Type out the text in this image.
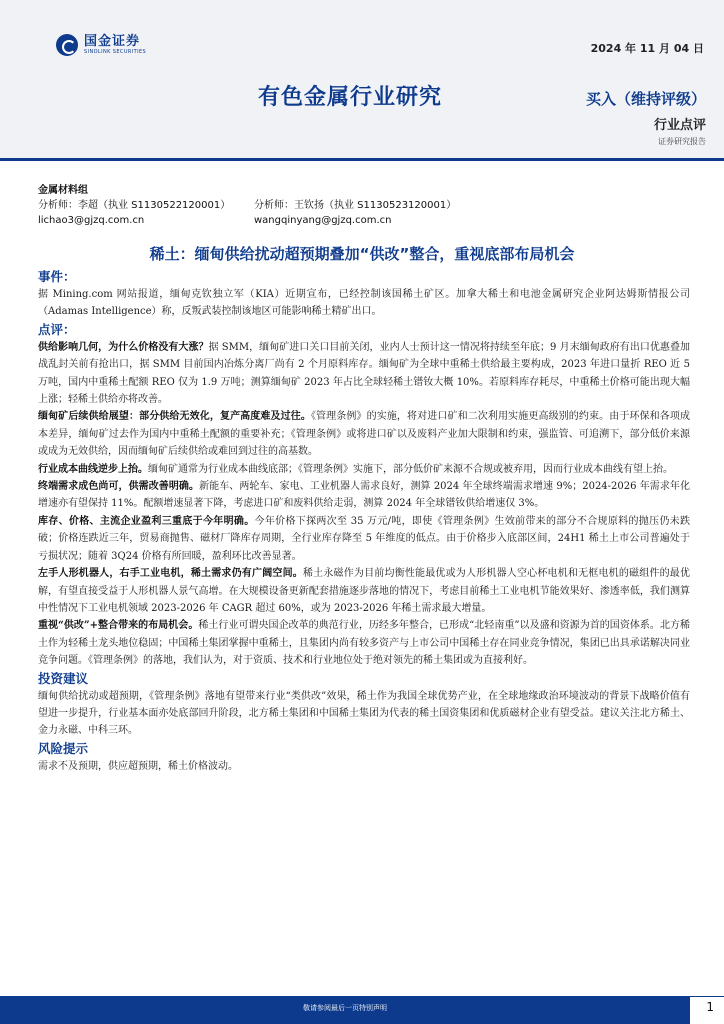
国金证券
SINOLINK SECURITIES	2024 年 11 月 04 日
有色金属行业研究	买入（维持评级）
行业点评
证券研究报告
金属材料组
分析师：李超（执业 S1130522120001）	分析师：王钦扬（执业 S1130523120001）
lichao3@gjzq.com.cn	wangqinyang@gjzq.com.cn
稀土：缅甸供给扰动超预期叠加“供改”整合，重视底部布局机会
事件：

据 Mining.com 网站报道，缅甸克钦独立军（KIA）近期宣布，已经控制该国稀土矿区。加拿大稀土和电池金属研究企业阿达姆斯情报公司（Adamas Intelligence）称，反叛武装控制该地区可能影响稀土精矿出口。

点评：

供给影响几何，为什么价格没有大涨？据 SMM，缅甸矿进口关口目前关闭，业内人士预计这一情况将持续至年底；9 月末缅甸政府有出口优惠叠加战乱封关前有抢出口，据 SMM 目前国内冶炼分离厂尚有 2 个月原料库存。缅甸矿为全球中重稀土供给最主要构成，2023 年进口量折 REO 近 5 万吨，国内中重稀土配额 REO 仅为 1.9 万吨；测算缅甸矿 2023 年占比全球轻稀土镨钕大概 10%。若原料库存耗尽，中重稀土价格可能出现大幅上涨；轻稀土供给亦将改善。

缅甸矿后续供给展望：部分供给无效化，复产高度难及过往。《管理条例》的实施，将对进口矿和二次利用实施更高级别的约束。由于环保和各项成本差异，缅甸矿过去作为国内中重稀土配额的重要补充；《管理条例》或将进口矿以及废料产业加大限制和约束，强监管、可追溯下，部分低价来源或成为无效供给，因而缅甸矿后续供给或难回到过往的高基数。

行业成本曲线逆步上抬。缅甸矿通常为行业成本曲线底部；《管理条例》实施下，部分低价矿来源不合规或被弃用，因而行业成本曲线有望上抬。

终端需求成色尚可，供需改善明确。新能车、两轮车、家电、工业机器人需求良好，测算 2024 年全球终端需求增速 9%；2024-2026 年需求年化增速亦有望保持 11%。配额增速显著下降，考虑进口矿和废料供给走弱，测算 2024 年全球镨钕供给增速仅 3%。

库存、价格、主流企业盈利三重底于今年明确。今年价格下探两次至 35 万元/吨，即使《管理条例》生效前带来的部分不合规原料的抛压仍未跌破；价格连跌近三年，贸易商抛售、磁材厂降库存周期，全行业库存降至 5 年维度的低点。由于价格步入底部区间，24H1 稀土上市公司普遍处于亏损状况；随着 3Q24 价格有所回暖，盈利环比改善显著。

左手人形机器人，右手工业电机，稀土需求仍有广阔空间。稀土永磁作为目前均衡性能最优或为人形机器人空心杯电机和无框电机的磁组件的最优解，有望直接受益于人形机器人景气高增。在大规模设备更新配套措施逐步落地的情况下，考虑目前稀土工业电机节能效果好、渗透率低，我们测算中性情况下工业电机领域 2023-2026 年 CAGR 超过 60%，或为 2023-2026 年稀土需求最大增量。

重视“供改”+整合带来的布局机会。稀土行业可谓央国企改革的典范行业，历经多年整合，已形成“北轻南重”以及盛和资源为首的国资体系。北方稀土作为轻稀土龙头地位稳固；中国稀土集团掌握中重稀土，且集团内尚有较多资产与上市公司中国稀土存在同业竞争情况，集团已出具承诺解决同业竞争问题。《管理条例》的落地，我们认为，对于资质、技术和行业地位处于绝对领先的稀土集团或为直接利好。

投资建议

缅甸供给扰动或超预期，《管理条例》落地有望带来行业“类供改”效果，稀土作为我国全球优势产业，在全球地缘政治环境波动的背景下战略价值有望进一步提升，行业基本面亦处底部回升阶段，北方稀土集团和中国稀土集团为代表的稀土国资集团和优质磁材企业有望受益。建议关注北方稀土、金力永磁、中科三环。

风险提示

需求不及预期，供应超预期，稀土价格波动。

敬请参阅最后一页特别声明	1
